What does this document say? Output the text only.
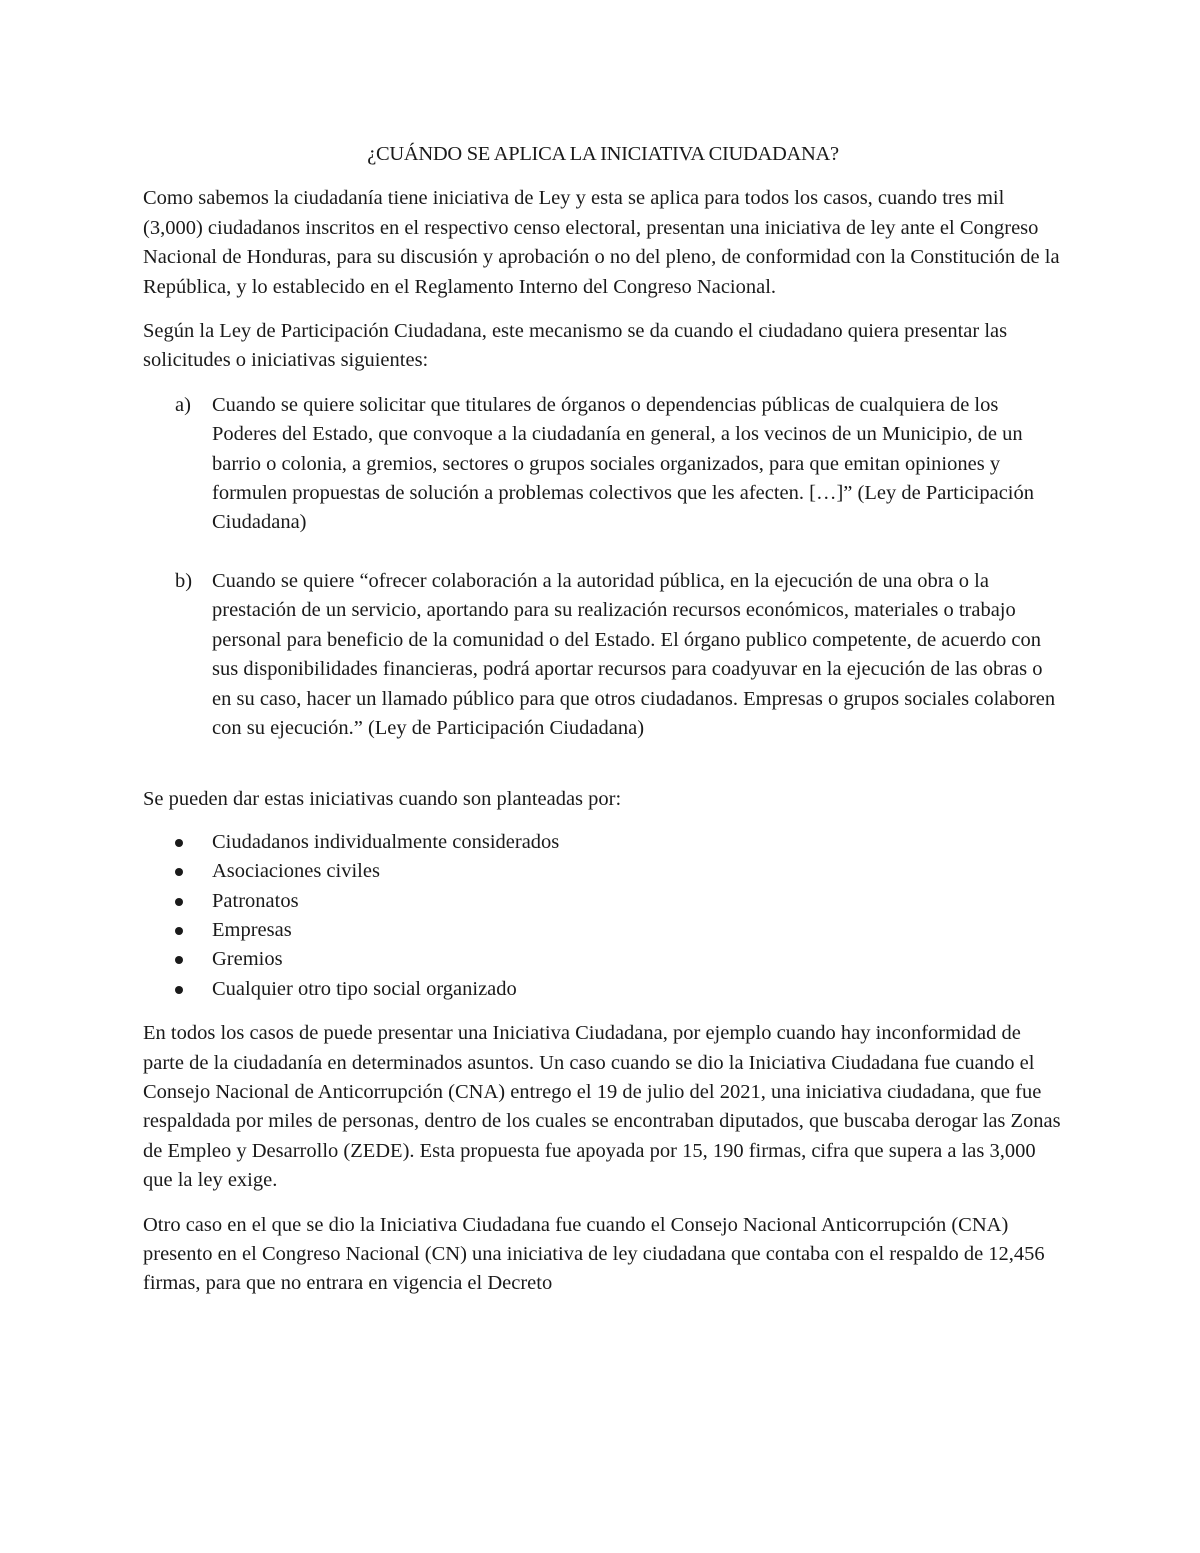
¿CUÁNDO SE APLICA LA INICIATIVA CIUDADANA?

Como sabemos la ciudadanía tiene iniciativa de Ley y esta se aplica para todos los casos, cuando tres mil (3,000) ciudadanos inscritos en el respectivo censo electoral, presentan una iniciativa de ley ante el Congreso Nacional de Honduras, para su discusión y aprobación o no del pleno, de conformidad con la Constitución de la República, y lo establecido en el Reglamento Interno del Congreso Nacional.

Según la Ley de Participación Ciudadana, este mecanismo se da cuando el ciudadano quiera presentar las solicitudes o iniciativas siguientes:

a) Cuando se quiere solicitar que titulares de órganos o dependencias públicas de cualquiera de los Poderes del Estado, que convoque a la ciudadanía en general, a los vecinos de un Municipio, de un barrio o colonia, a gremios, sectores o grupos sociales organizados, para que emitan opiniones y formulen propuestas de solución a problemas colectivos que les afecten. […]” (Ley de Participación Ciudadana)
b) Cuando se quiere “ofrecer colaboración a la autoridad pública, en la ejecución de una obra o la prestación de un servicio, aportando para su realización recursos económicos, materiales o trabajo personal para beneficio de la comunidad o del Estado. El órgano publico competente, de acuerdo con sus disponibilidades financieras, podrá aportar recursos para coadyuvar en la ejecución de las obras o en su caso, hacer un llamado público para que otros ciudadanos. Empresas o grupos sociales colaboren con su ejecución.” (Ley de Participación Ciudadana)

Se pueden dar estas iniciativas cuando son planteadas por:

Ciudadanos individualmente considerados
Asociaciones civiles
Patronatos
Empresas
Gremios
Cualquier otro tipo social organizado

En todos los casos de puede presentar una Iniciativa Ciudadana, por ejemplo cuando hay inconformidad de parte de la ciudadanía en determinados asuntos. Un caso cuando se dio la Iniciativa Ciudadana fue cuando el Consejo Nacional de Anticorrupción (CNA) entrego el 19 de julio del 2021, una iniciativa ciudadana, que fue respaldada por miles de personas, dentro de los cuales se encontraban diputados, que buscaba derogar las Zonas de Empleo y Desarrollo (ZEDE). Esta propuesta fue apoyada por 15, 190 firmas, cifra que supera a las 3,000 que la ley exige.

Otro caso en el que se dio la Iniciativa Ciudadana fue cuando el Consejo Nacional Anticorrupción (CNA) presento en el Congreso Nacional (CN) una iniciativa de ley ciudadana que contaba con el respaldo de 12,456 firmas, para que no entrara en vigencia el Decreto
